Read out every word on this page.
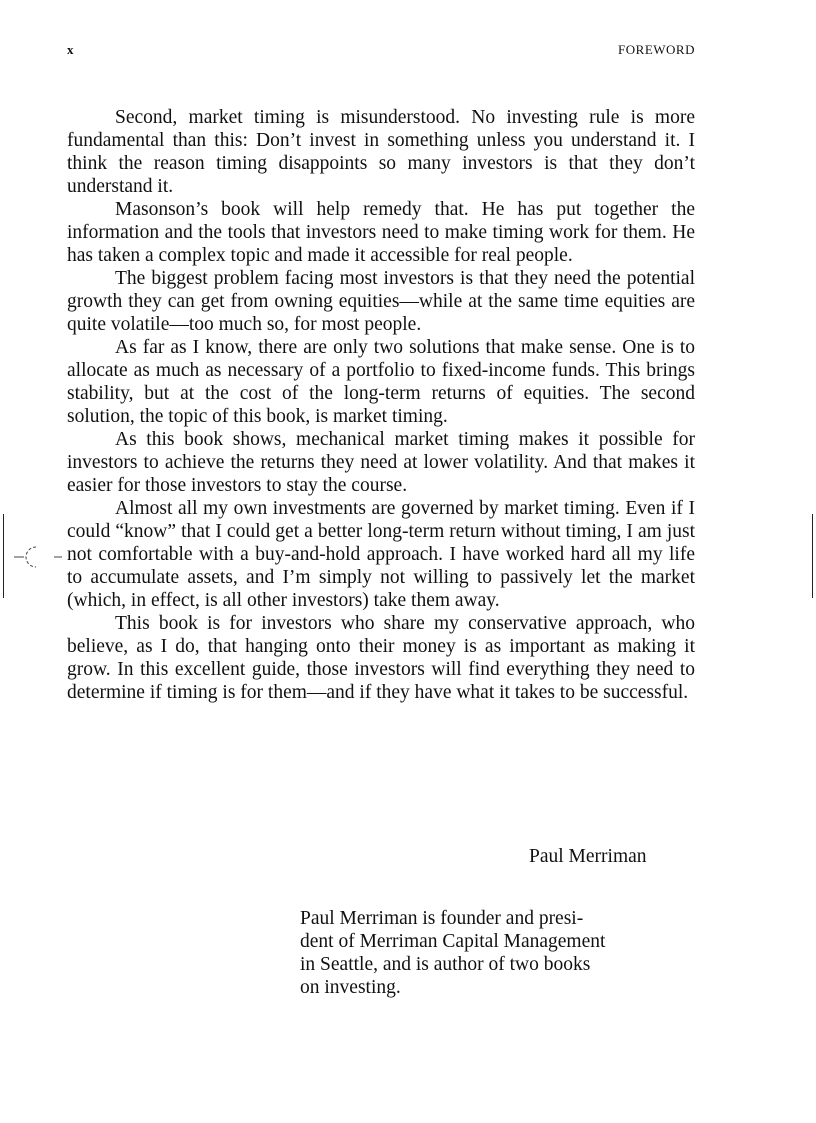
x	FOREWORD

Second, market timing is misunderstood. No investing rule is more fundamental than this: Don’t invest in something unless you understand it. I think the reason timing disappoints so many investors is that they don’t understand it.

Masonson’s book will help remedy that. He has put together the information and the tools that investors need to make timing work for them. He has taken a complex topic and made it accessible for real people.

The biggest problem facing most investors is that they need the potential growth they can get from owning equities—while at the same time equities are quite volatile—too much so, for most people.

As far as I know, there are only two solutions that make sense. One is to allocate as much as necessary of a portfolio to fixed-income funds. This brings stability, but at the cost of the long-term returns of equities. The second solution, the topic of this book, is market timing.

As this book shows, mechanical market timing makes it possible for investors to achieve the returns they need at lower volatility. And that makes it easier for those investors to stay the course.

Almost all my own investments are governed by market timing. Even if I could “know” that I could get a better long-term return without timing, I am just not comfortable with a buy-and-hold approach. I have worked hard all my life to accumulate assets, and I’m simply not willing to passively let the market (which, in effect, is all other investors) take them away.

This book is for investors who share my conservative approach, who believe, as I do, that hanging onto their money is as important as making it grow. In this excellent guide, those investors will find everything they need to determine if timing is for them—and if they have what it takes to be successful.

Paul Merriman
Paul Merriman is founder and presi-
dent of Merriman Capital Management
in Seattle, and is author of two books
on investing.
